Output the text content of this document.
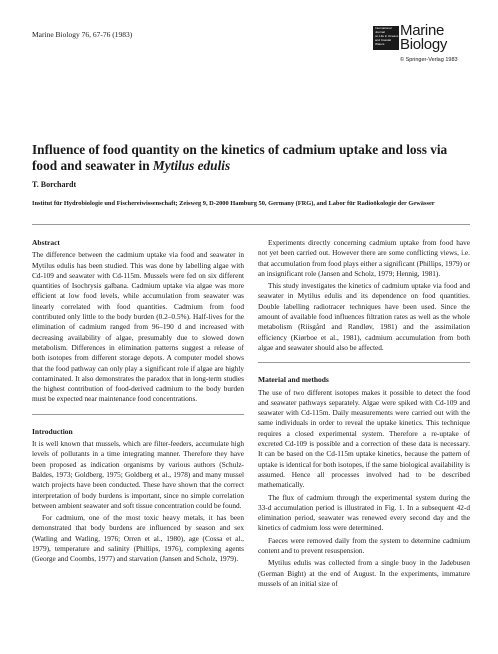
Marine Biology 76, 67-76 (1983)
International Journal
on Life in Oceans
and Coastal Waters
Marine
Biology
© Springer-Verlag 1983
Influence of food quantity on the kinetics of cadmium uptake and loss via food and seawater in Mytilus edulis
T. Borchardt
Institut für Hydrobiologie und Fischereiwissenschaft; Zeisweg 9, D-2000 Hamburg 50, Germany (FRG), and Labor für Radioökologie der Gewässer

Abstract

The difference between the cadmium uptake via food and seawater in Mytilus edulis has been studied. This was done by labelling algae with Cd-109 and seawater with Cd-115m. Mussels were fed on six different quantities of Isochrysis galbana. Cadmium uptake via algae was more efficient at low food levels, while accumulation from seawater was linearly correlated with food quantities. Cadmium from food contributed only little to the body burden (0.2–0.5%). Half-lives for the elimination of cadmium ranged from 96–190 d and increased with decreasing availability of algae, presumably due to slowed down metabolism. Differences in elimination patterns suggest a release of both isotopes from different storage depots. A computer model shows that the food pathway can only play a significant role if algae are highly contaminated. It also demonstrates the paradox that in long-term studies the highest contribution of food-derived cadmium to the body burden must be expected near maintenance food concentrations.

Introduction

It is well known that mussels, which are filter-feeders, accumulate high levels of pollutants in a time integrating manner. Therefore they have been proposed as indication organisms by various authors (Schulz-Baldes, 1973; Goldberg, 1975; Goldberg et al., 1978) and many mussel watch projects have been conducted. These have shown that the correct interpretation of body burdens is important, since no simple correlation between ambient seawater and soft tissue concentration could be found.

For cadmium, one of the most toxic heavy metals, it has been demonstrated that body burdens are influenced by season and sex (Watling and Watling, 1976; Orren et al., 1980), age (Cossa et al., 1979), temperature and salinity (Phillips, 1976), complexing agents (George and Coombs, 1977) and starvation (Jansen and Scholz, 1979).

Experiments directly concerning cadmium uptake from food have not yet been carried out. However there are some conflicting views, i.e. that accumulation from food plays either a significant (Phillips, 1979) or an insignificant role (Jansen and Scholz, 1979; Hennig, 1981).

This study investigates the kinetics of cadmium uptake via food and seawater in Mytilus edulis and its dependence on food quantities. Double labelling radiotracer techniques have been used. Since the amount of available food influences filtration rates as well as the whole metabolism (Riisgård and Randløv, 1981) and the assimilation efficiency (Kiørboe et al., 1981), cadmium accumulation from both algae and seawater should also be affected.

Material and methods

The use of two different isotopes makes it possible to detect the food and seawater pathways separately. Algae were spiked with Cd-109 and seawater with Cd-115m. Daily measurements were carried out with the same individuals in order to reveal the uptake kinetics. This technique requires a closed experimental system. Therefore a re-uptake of excreted Cd-109 is possible and a correction of these data is necessary. It can be based on the Cd-115m uptake kinetics, because the pattern of uptake is identical for both isotopes, if the same biological availability is assumed. Hence all processes involved had to be described mathematically.

The flux of cadmium through the experimental system during the 33-d accumulation period is illustrated in Fig. 1. In a subsequent 42-d elimination period, seawater was renewed every second day and the kinetics of cadmium loss were determined.

Faeces were removed daily from the system to determine cadmium content and to prevent resuspension.

Mytilus edulis was collected from a single buoy in the Jadebusen (German Bight) at the end of August. In the experiments, immature mussels of an initial size of
